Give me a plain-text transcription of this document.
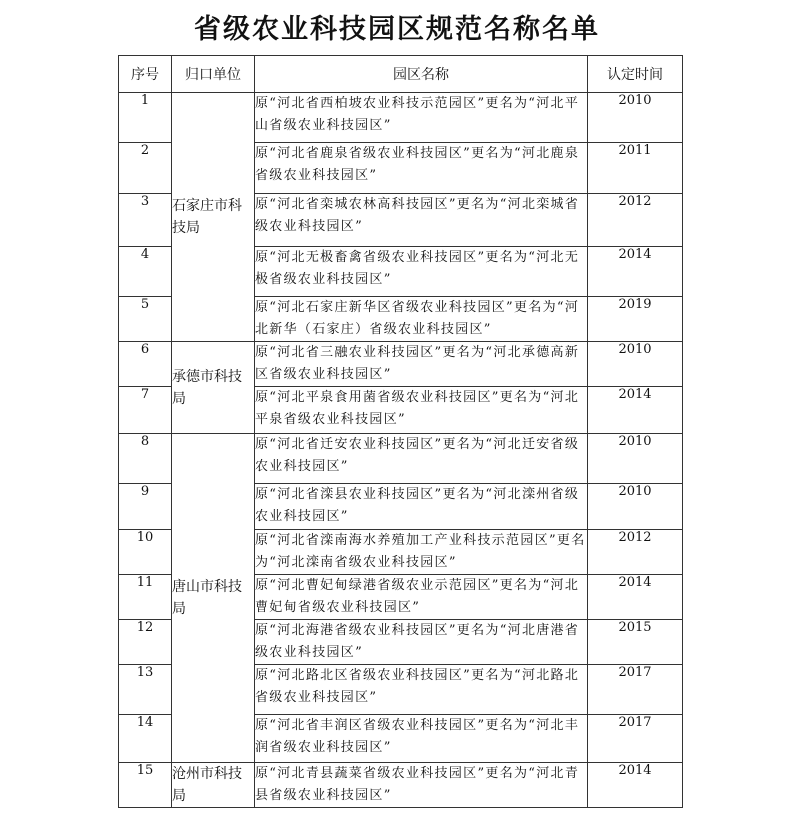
省级农业科技园区规范名称名单
序号	归口单位	园区名称	认定时间
1	石家庄市科技局	原“河北省西柏坡农业科技示范园区”更名为“河北平山省级农业科技园区”	2010
2		原“河北省鹿泉省级农业科技园区”更名为“河北鹿泉省级农业科技园区”	2011
3		原“河北省栾城农林高科技园区”更名为“河北栾城省级农业科技园区”	2012
4		原“河北无极畜禽省级农业科技园区”更名为“河北无极省级农业科技园区”	2014
5		原“河北石家庄新华区省级农业科技园区”更名为“河北新华（石家庄）省级农业科技园区”	2019
6	承德市科技局	原“河北省三融农业科技园区”更名为“河北承德高新区省级农业科技园区”	2010
7		原“河北平泉食用菌省级农业科技园区”更名为“河北平泉省级农业科技园区”	2014
8	唐山市科技局	原“河北省迁安农业科技园区”更名为“河北迁安省级农业科技园区”	2010
9		原“河北省滦县农业科技园区”更名为“河北滦州省级农业科技园区”	2010
10		原“河北省滦南海水养殖加工产业科技示范园区”更名为“河北滦南省级农业科技园区”	2012
11		原“河北曹妃甸绿港省级农业示范园区”更名为“河北曹妃甸省级农业科技园区”	2014
12		原“河北海港省级农业科技园区”更名为“河北唐港省级农业科技园区”	2015
13		原“河北路北区省级农业科技园区”更名为“河北路北省级农业科技园区”	2017
14		原“河北省丰润区省级农业科技园区”更名为“河北丰润省级农业科技园区”	2017
15	沧州市科技局	原“河北青县蔬菜省级农业科技园区”更名为“河北青县省级农业科技园区”	2014
